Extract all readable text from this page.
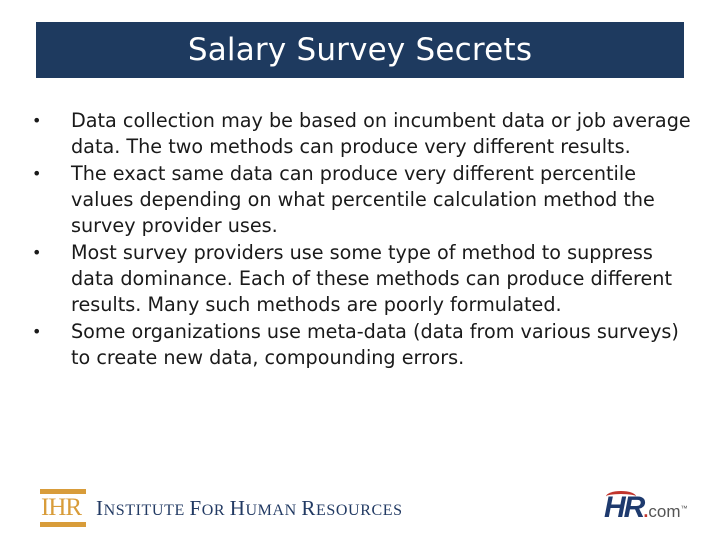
Salary Survey Secrets
• Data collection may be based on incumbent data or job average data. The two methods can produce very different results.
• The exact same data can produce very different percentile values depending on what percentile calculation method the survey provider uses.
• Most survey providers use some type of method to suppress data dominance. Each of these methods can produce different results. Many such methods are poorly formulated.
• Some organizations use meta-data (data from various surveys) to create new data, compounding errors.
IHR INSTITUTE FOR HUMAN RESOURCES	HR.com™
